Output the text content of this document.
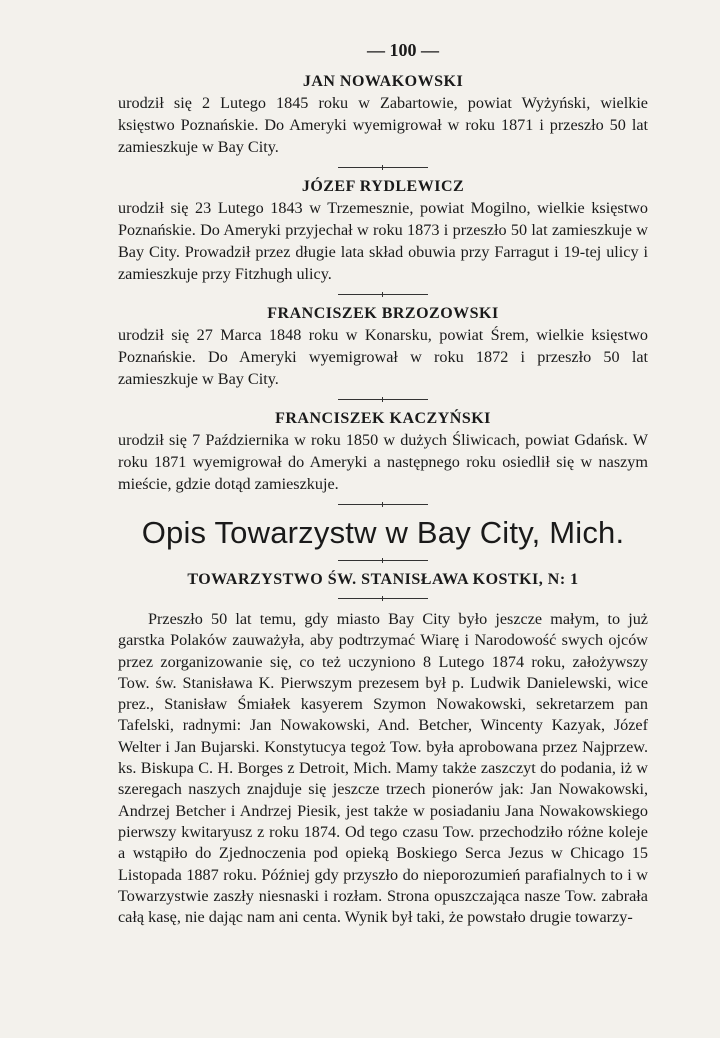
— 100 —
JAN NOWAKOWSKI

urodził się 2 Lutego 1845 roku w Zabartowie, powiat Wyżyński, wielkie księstwo Poznańskie. Do Ameryki wyemigrował w roku 1871 i przeszło 50 lat zamieszkuje w Bay City.

JÓZEF RYDLEWICZ

urodził się 23 Lutego 1843 w Trzemesznie, powiat Mogilno, wielkie księstwo Poznańskie. Do Ameryki przyjechał w roku 1873 i przeszło 50 lat zamieszkuje w Bay City. Prowadził przez długie lata skład obuwia przy Farragut i 19-tej ulicy i zamieszkuje przy Fitzhugh ulicy.

FRANCISZEK BRZOZOWSKI

urodził się 27 Marca 1848 roku w Konarsku, powiat Śrem, wielkie księstwo Poznańskie. Do Ameryki wyemigrował w roku 1872 i przeszło 50 lat zamieszkuje w Bay City.

FRANCISZEK KACZYŃSKI

urodził się 7 Października w roku 1850 w dużych Śliwicach, powiat Gdańsk. W roku 1871 wyemigrował do Ameryki a następnego roku osiedlił się w naszym mieście, gdzie dotąd zamieszkuje.

Opis Towarzystw w Bay City, Mich.
TOWARZYSTWO ŚW. STANISŁAWA KOSTKI, N: 1

Przeszło 50 lat temu, gdy miasto Bay City było jeszcze małym, to już garstka Polaków zauważyła, aby podtrzymać Wiarę i Narodowość swych ojców przez zorganizowanie się, co też uczyniono 8 Lutego 1874 roku, założywszy Tow. św. Stanisława K. Pierwszym prezesem był p. Ludwik Danielewski, wice prez., Stanisław Śmiałek kasyerem Szymon Nowakowski, sekretarzem pan Tafelski, radnymi: Jan Nowakowski, And. Betcher, Wincenty Kazyak, Józef Welter i Jan Bujarski. Konstytucya tegoż Tow. była aprobowana przez Najprzew. ks. Biskupa C. H. Borges z Detroit, Mich. Mamy także zaszczyt do podania, iż w szeregach naszych znajduje się jeszcze trzech pionerów jak: Jan Nowakowski, Andrzej Betcher i Andrzej Piesik, jest także w posiadaniu Jana Nowakowskiego pierwszy kwitaryusz z roku 1874. Od tego czasu Tow. przechodziło różne koleje a wstąpiło do Zjednoczenia pod opieką Boskiego Serca Jezus w Chicago 15 Listopada 1887 roku. Później gdy przyszło do nieporozumień parafialnych to i w Towarzystwie zaszły niesnaski i rozłam. Strona opuszczająca nasze Tow. zabrała całą kasę, nie dając nam ani centa. Wynik był taki, że powstało drugie towarzy-
